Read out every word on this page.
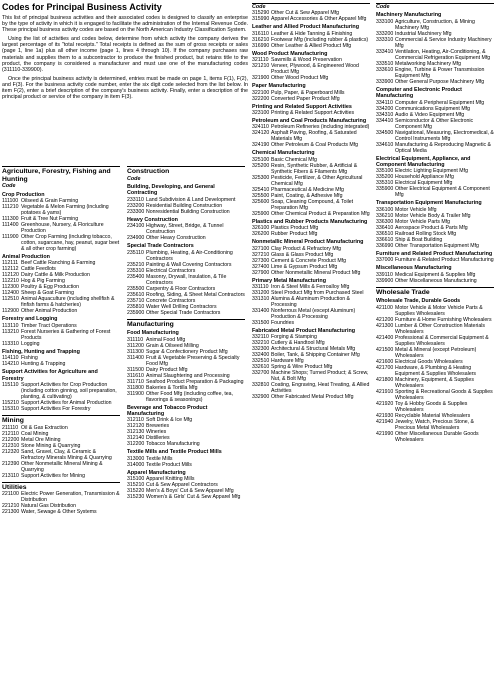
Codes for Principal Business Activity

This list of principal business activities and their associated codes is designed to classify an enterprise by the type of activity in which it is engaged to facilitate the administration of the Internal Revenue Code. These principal business activity codes are based on the North American Industry Classification System.

Using the list of activities and codes below, determine from which activity the company derives the largest percentage of its "total receipts." Total receipts is defined as the sum of gross receipts or sales (page 1, line 1a) plus all other income (page 1, lines 4 through 10). If the company purchases raw materials and supplies them to a subcontractor to produce the finished product, but retains title to the product, the company is considered a manufacturer and must use one of the manufacturing codes (311110-339900).

Once the principal business activity is determined, entries must be made on page 1, items F(1), F(2), and F(3). For the business activity code number, enter the six digit code selected from the list below. In item F(2), enter a brief description of the company's business activity. Finally, enter a description of the principal product or service of the company in item F(3).

Agriculture, Forestry, Fishing and Hunting
Code
Crop Production
111100 Oilseed & Grain Farming
111210 Vegetable & Melon Farming (including potatoes & yams)
111300 Fruit & Tree Nut Farming
111400 Greenhouse, Nursery, & Floriculture Production
111900 Other Crop Farming (including tobacco, cotton, sugarcane, hay, peanut, sugar beet & all other crop farming)
Animal Production
112111 Beef Cattle Ranching & Farming
112112 Cattle Feedlots
112120 Dairy Cattle & Milk Production
112210 Hog & Pig Farming
112300 Poultry & Egg Production
112400 Sheep & Goat Farming
112510 Animal Aquaculture (including shellfish & finfish farms & hatcheries)
112900 Other Animal Production
Forestry and Logging
113110 Timber Tract Operations
113210 Forest Nurseries & Gathering of Forest Products
113310 Logging
Fishing, Hunting and Trapping
114110 Fishing
114210 Hunting & Trapping
Support Activities for Agriculture and Forestry
115110 Support Activities for Crop Production (including cotton ginning, soil preparation, planting, & cultivating)
115210 Support Activities for Animal Production
115310 Support Activities For Forestry
Mining
211110 Oil & Gas Extraction
212110 Coal Mining
212200 Metal Ore Mining
212310 Stone Mining & Quarrying
212320 Sand, Gravel, Clay, & Ceramic & Refractory Minerals Mining & Quarrying
212390 Other Nonmetallic Mineral Mining & Quarrying
213110 Support Activities for Mining
Utilities
221100 Electric Power Generation, Transmission & Distribution
221210 Natural Gas Distribution
221300 Water, Sewage & Other Systems
Construction
Code
Building, Developing, and General Contracting
233110 Land Subdivision & Land Development
233200 Residential Building Construction
233300 Nonresidential Building Construction
Heavy Construction
234100 Highway, Street, Bridge, & Tunnel Construction
234900 Other Heavy Construction
Special Trade Contractors
235110 Plumbing, Heating, & Air-Conditioning Contractors
235210 Painting & Wall Covering Contractors
235310 Electrical Contractors
235400 Masonry, Drywall, Insulation, & Tile Contractors
235500 Carpentry & Floor Contractors
235610 Roofing, Siding, & Sheet Metal Contractors
235710 Concrete Contractors
235810 Water Well Drilling Contractors
235900 Other Special Trade Contractors
Manufacturing
Food Manufacturing
311110 Animal Food Mfg
311200 Grain & Oilseed Milling
311300 Sugar & Confectionery Product Mfg
311400 Fruit & Vegetable Preserving & Specialty Food Mfg
311500 Dairy Product Mfg
311610 Animal Slaughtering and Processing
311710 Seafood Product Preparation & Packaging
311800 Bakeries & Tortilla Mfg
311900 Other Food Mfg (including coffee, tea, flavorings & seasonings)
Beverage and Tobacco Product Manufacturing
312110 Soft Drink & Ice Mfg
312120 Breweries
312130 Wineries
312140 Distilleries
312200 Tobacco Manufacturing
Textile Mills and Textile Product Mills
313000 Textile Mills
314000 Textile Product Mills
Apparel Manufacturing
315100 Apparel Knitting Mills
315210 Cut & Sew Apparel Contractors
315220 Men's & Boys' Cut & Sew Apparel Mfg
315230 Women's & Girls' Cut & Sew Apparel Mfg
Code
315290 Other Cut & Sew Apparel Mfg
315990 Apparel Accessories & Other Apparel Mfg
Leather and Allied Product Manufacturing
316110 Leather & Hide Tanning & Finishing
316210 Footwear Mfg (including rubber & plastics)
316990 Other Leather & Allied Product Mfg
Wood Product Manufacturing
321110 Sawmills & Wood Preservation
321210 Veneer, Plywood, & Engineered Wood Product Mfg
321900 Other Wood Product Mfg
Paper Manufacturing
322100 Pulp, Paper, & Paperboard Mills
322200 Converted Paper Product Mfg
Printing and Related Support Activities
323100 Printing & Related Support Activities
Petroleum and Coal Products Manufacturing
324110 Petroleum Refineries (including integrated)
324120 Asphalt Paving, Roofing, & Saturated Materials Mfg
324190 Other Petroleum & Coal Products Mfg
Chemical Manufacturing
325100 Basic Chemical Mfg
325200 Resin, Synthetic Rubber, & Artificial & Synthetic Fibers & Filaments Mfg
325300 Pesticide, Fertilizer, & Other Agricultural Chemical Mfg
325410 Pharmaceutical & Medicine Mfg
325500 Paint, Coating, & Adhesive Mfg
325600 Soap, Cleaning Compound, & Toilet Preparation Mfg
325900 Other Chemical Product & Preparation Mfg
Plastics and Rubber Products Manufacturing
326100 Plastics Product Mfg
326200 Rubber Product Mfg
Nonmetallic Mineral Product Manufacturing
327100 Clay Product & Refractory Mfg
327210 Glass & Glass Product Mfg
327300 Cement & Concrete Product Mfg
327400 Lime & Gypsum Product Mfg
327900 Other Nonmetallic Mineral Product Mfg
Primary Metal Manufacturing
331110 Iron & Steel Mills & Ferroalloy Mfg
331200 Steel Product Mfg from Purchased Steel
331310 Alumina & Aluminum Production & Processing
331400 Nonferrous Metal (except Aluminum) Production & Processing
331500 Foundries
Fabricated Metal Product Manufacturing
332110 Forging & Stamping
332210 Cutlery & Handtool Mfg
332300 Architectural & Structural Metals Mfg
332400 Boiler, Tank, & Shipping Container Mfg
332510 Hardware Mfg
332610 Spring & Wire Product Mfg
332700 Machine Shops; Turned Product; & Screw, Nut, & Bolt Mfg
332810 Coating, Engraving, Heat Treating, & Allied Activities
332900 Other Fabricated Metal Product Mfg
Code
Machinery Manufacturing
333100 Agriculture, Construction, & Mining Machinery Mfg
333200 Industrial Machinery Mfg
333310 Commercial & Service Industry Machinery Mfg
333410 Ventilation, Heating, Air-Conditioning, & Commercial Refrigeration Equipment Mfg
333510 Metalworking Machinery Mfg
333610 Engine, Turbine & Power Transmission Equipment Mfg
333900 Other General Purpose Machinery Mfg
Computer and Electronic Product Manufacturing
334110 Computer & Peripheral Equipment Mfg
334200 Communications Equipment Mfg
334310 Audio & Video Equipment Mfg
334410 Semiconductor & Other Electronic Component Mfg
334500 Navigational, Measuring, Electromedical, & Control Instruments Mfg
334610 Manufacturing & Reproducing Magnetic & Optical Media
Electrical Equipment, Appliance, and Component Manufacturing
335100 Electric Lighting Equipment Mfg
335200 Household Appliance Mfg
335310 Electrical Equipment Mfg
335900 Other Electrical Equipment & Component Mfg
Transportation Equipment Manufacturing
336100 Motor Vehicle Mfg
336210 Motor Vehicle Body & Trailer Mfg
336300 Motor Vehicle Parts Mfg
336410 Aerospace Product & Parts Mfg
336510 Railroad Rolling Stock Mfg
336610 Ship & Boat Building
336990 Other Transportation Equipment Mfg
Furniture and Related Product Manufacturing
337000 Furniture & Related Product Manufacturing
Miscellaneous Manufacturing
339110 Medical Equipment & Supplies Mfg
339900 Other Miscellaneous Manufacturing
Wholesale Trade
Wholesale Trade, Durable Goods
421100 Motor Vehicle & Motor Vehicle Parts & Supplies Wholesalers
421200 Furniture & Home Furnishing Wholesalers
421300 Lumber & Other Construction Materials Wholesalers
421400 Professional & Commercial Equipment & Supplies Wholesalers
421500 Metal & Mineral (except Petroleum) Wholesalers
421600 Electrical Goods Wholesalers
421700 Hardware, & Plumbing & Heating Equipment & Supplies Wholesalers
421800 Machinery, Equipment, & Supplies Wholesalers
421910 Sporting & Recreational Goods & Supplies Wholesalers
421920 Toy & Hobby Goods & Supplies Wholesalers
421930 Recyclable Material Wholesalers
421940 Jewelry, Watch, Precious Stone, & Precious Metal Wholesalers
421990 Other Miscellaneous Durable Goods Wholesalers
